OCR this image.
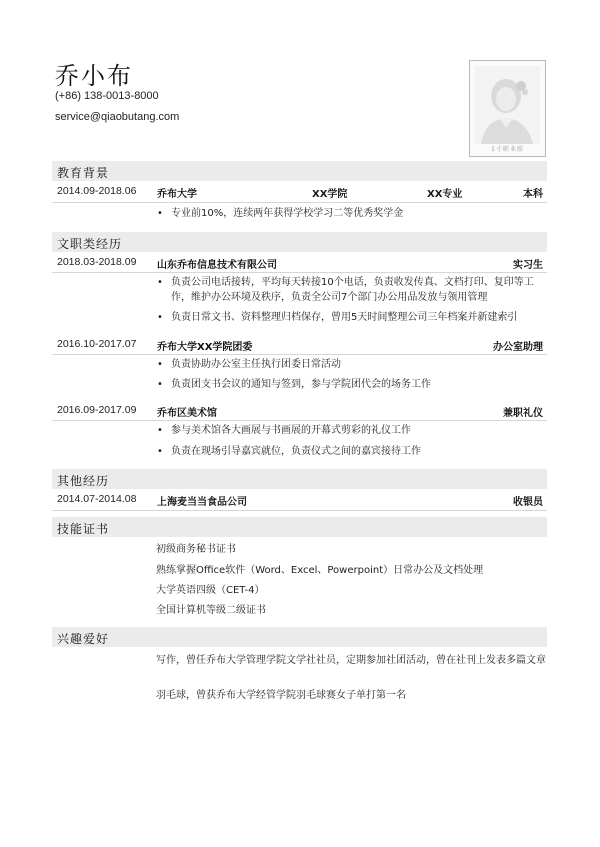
乔小布
(+86) 138-0013-8000
service@qiaobutang.com
1寸职业照
教育背景
2014.09-2018.06 乔布大学	XX学院	XX专业	本科
• 专业前10%，连续两年获得学校学习二等优秀奖学金
文职类经历
2018.03-2018.09 山东乔布信息技术有限公司	实习生
• 负责公司电话接转，平均每天转接10个电话，负责收发传真、文档打印、复印等工作，维护办公环境及秩序，负责全公司7个部门办公用品发放与领用管理
• 负责日常文书、资料整理归档保存，曾用5天时间整理公司三年档案并新建索引
2016.10-2017.07 乔布大学XX学院团委	办公室助理
• 负责协助办公室主任执行团委日常活动
• 负责团支书会议的通知与签到，参与学院团代会的场务工作
2016.09-2017.09 乔布区美术馆	兼职礼仪
• 参与美术馆各大画展与书画展的开幕式剪彩的礼仪工作
• 负责在现场引导嘉宾就位，负责仪式之间的嘉宾接待工作
其他经历
2014.07-2014.08 上海麦当当食品公司	收银员
技能证书
初级商务秘书证书
熟练掌握Office软件（Word、Excel、Powerpoint）日常办公及文档处理
大学英语四级（CET-4）
全国计算机等级二级证书
兴趣爱好
写作，曾任乔布大学管理学院文学社社员，定期参加社团活动，曾在社刊上发表多篇文章
羽毛球，曾获乔布大学经管学院羽毛球赛女子单打第一名
